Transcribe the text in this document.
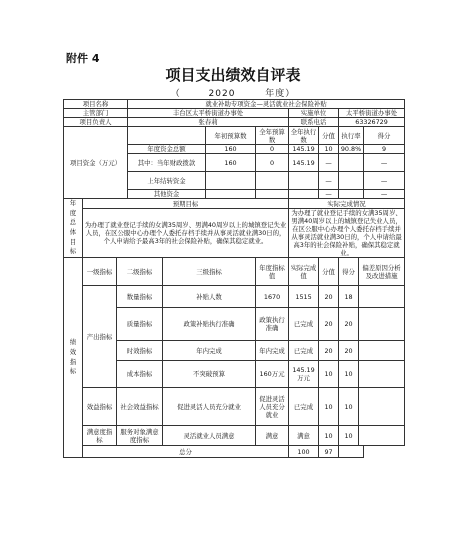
附件 4
项目支出绩效自评表
（	2020	年度）
项目名称			就业补助专项资金—灵活就业社会保险补贴								
主管部门			丰台区太平桥街道办事处				实施单位		太平桥街道办事处		
项目负责人			张春莉				联系电话		63326729		
项目资金（万元）					年初预算数	全年预算数	全年执行数	分值	执行率		得分
			年度资金总额		160	0	145.19	10	90.8%		9
			其中：当年财政拨款		160	0	145.19	—			—
			上年结转资金					—			—
			其他资金					—			—
年度总体目标	预期目标						实际完成情况				
	为办理了就业登记手续的女满35周岁、男满40周岁以上的城镇登记失业人员，在区公服中心办理个人委托存档手续并从事灵活就业满30日的，个人申请给予最高3年的社会保险补贴，确保其稳定就业。						为办理了就业登记手续的女满35周岁、男满40周岁以上的城镇登记失业人员，在区公服中心办理个人委托存档手续并从事灵活就业满30日的，个人申请给最高3年的社会保险补贴，确保其稳定就业。				
绩效指标	一级指标	二级指标		三级指标		年度指标值	实际完成值	分值	得分	偏差原因分析及改进措施	
	产出指标	数量指标		补贴人数		1670	1515	20	18		
		质量指标		政策补贴执行准确		政策执行准确	已完成	20	20		
		时效指标		年内完成		年内完成	已完成	20	20		
		成本指标		不突破预算		160万元	145.19万元	10	10		
	效益指标	社会效益指标		促进灵活人员充分就业		促进灵活人员充分就业	已完成	10	10		
	满意度指标	服务对象满意度指标		灵活就业人员满意		满意	满意	10	10		
	总分						100	97			
